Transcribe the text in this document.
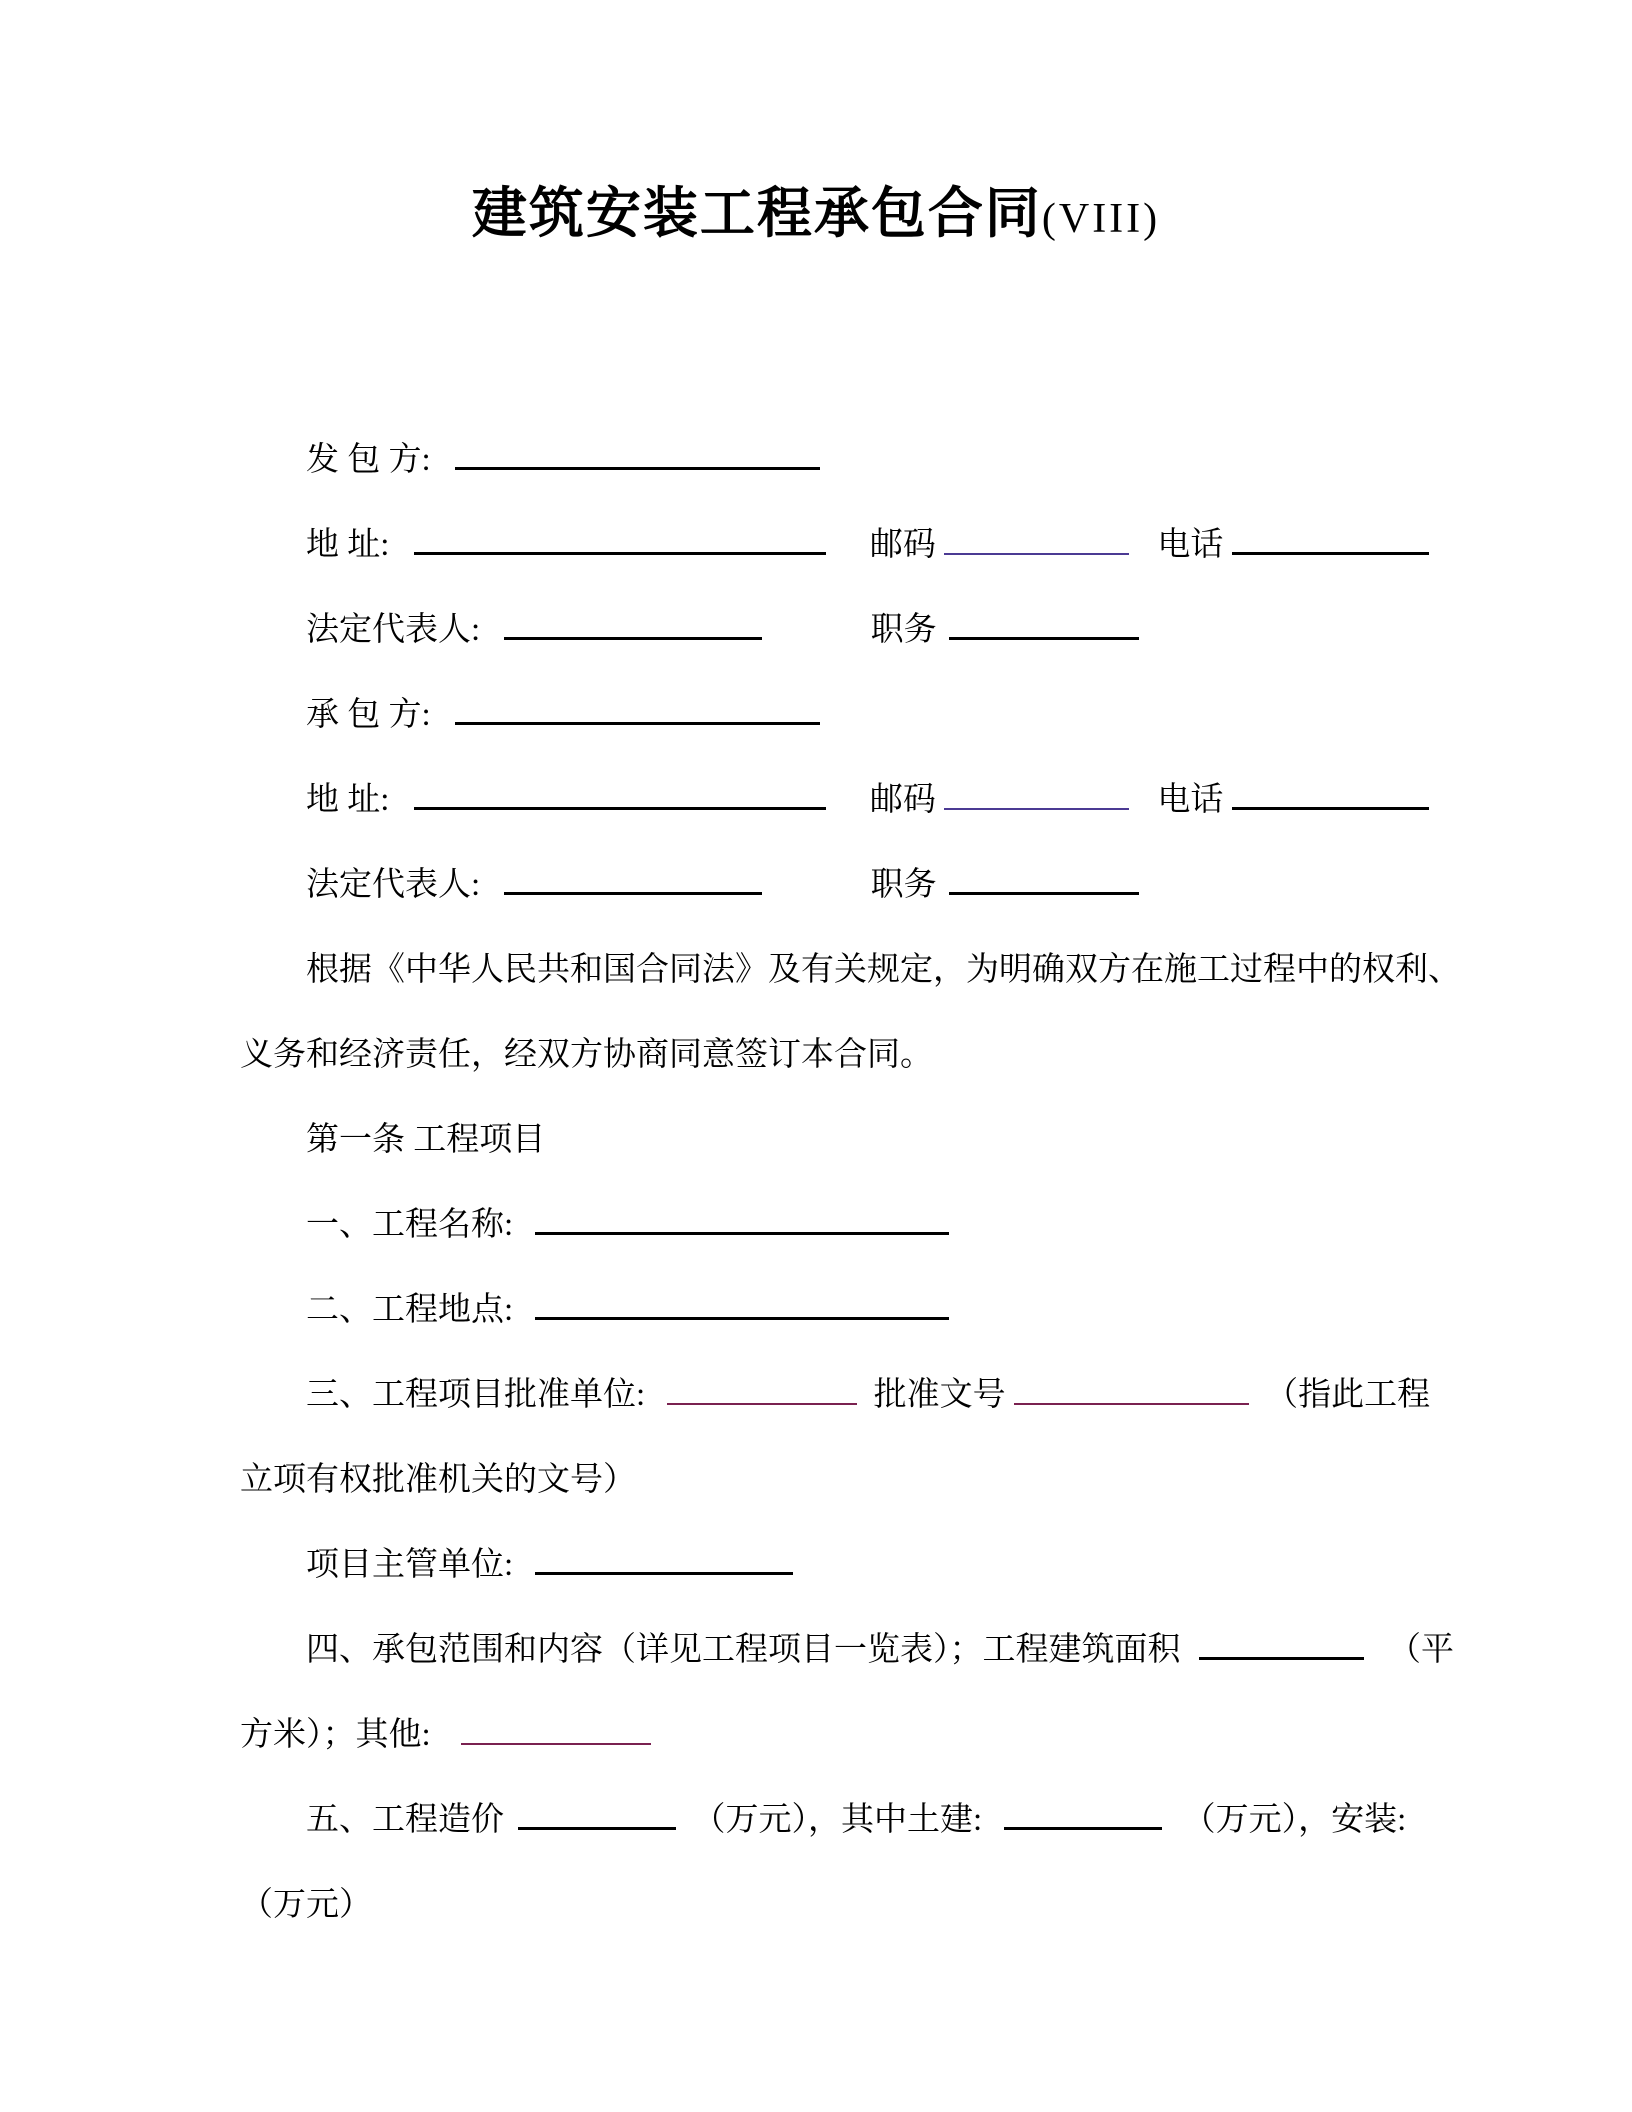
建筑安装工程承包合同(VIII)
发 包 方:
地 址:	邮码	电话
法定代表人:	职务
承 包 方:
地 址:	邮码	电话
法定代表人:	职务
根据《中华人民共和国合同法》及有关规定，为明确双方在施工过程中的权利、
义务和经济责任，经双方协商同意签订本合同。
第一条 工程项目
一、工程名称:
二、工程地点:
三、工程项目批准单位:	批准文号	（指此工程
立项有权批准机关的文号）
项目主管单位:
四、承包范围和内容（详见工程项目一览表）；工程建筑面积	（平
方米）；其他:
五、工程造价	（万元），其中土建:	（万元），安装:
（万元）
